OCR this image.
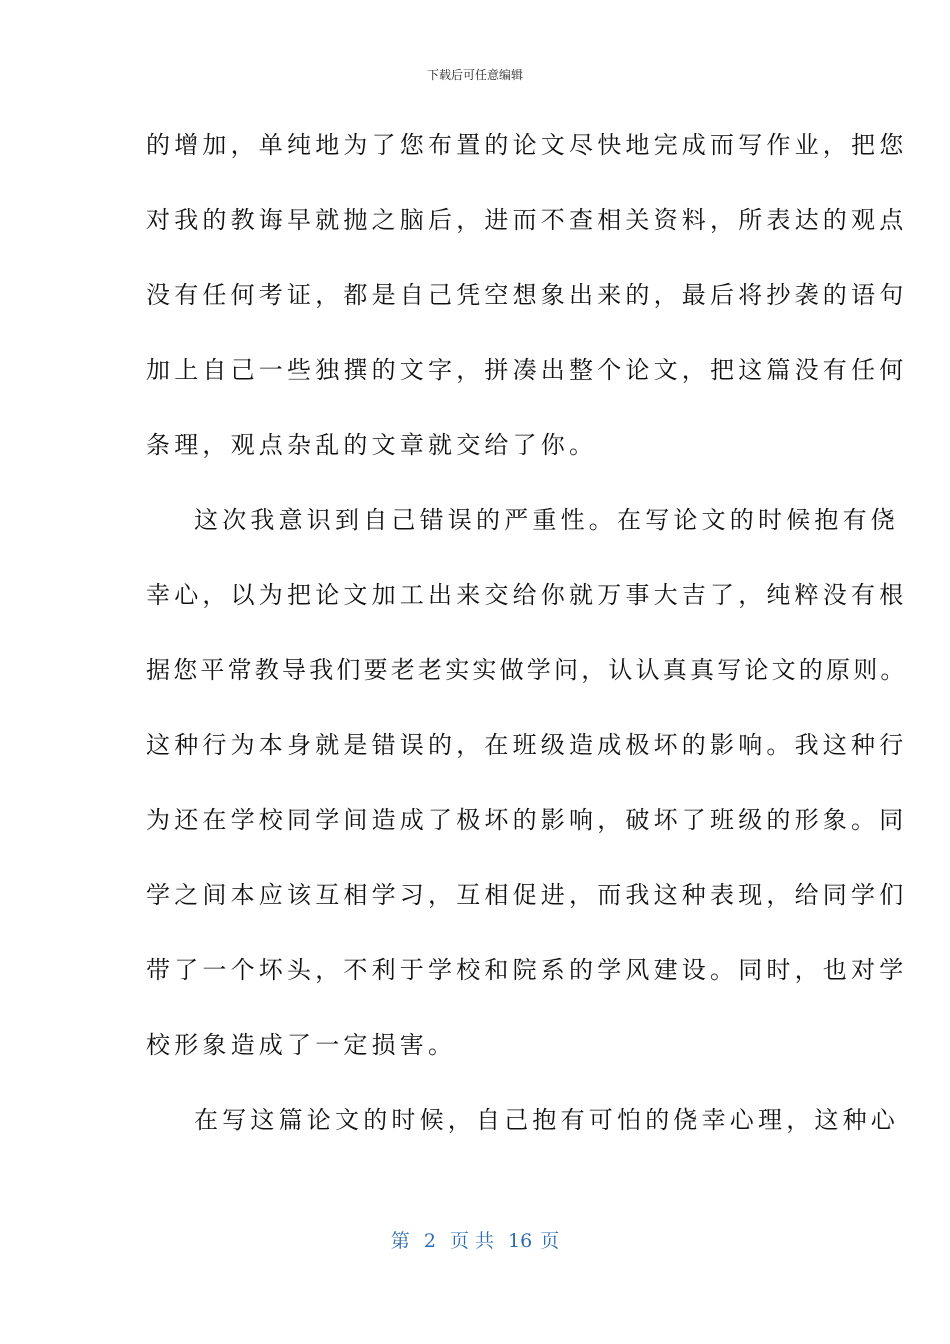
下载后可任意编辑
的增加，单纯地为了您布置的论文尽快地完成而写作业，把您
对我的教诲早就抛之脑后，进而不查相关资料，所表达的观点
没有任何考证，都是自己凭空想象出来的，最后将抄袭的语句
加上自己一些独撰的文字，拼凑出整个论文，把这篇没有任何
条理，观点杂乱的文章就交给了你。
这次我意识到自己错误的严重性。在写论文的时候抱有侥
幸心，以为把论文加工出来交给你就万事大吉了，纯粹没有根
据您平常教导我们要老老实实做学问，认认真真写论文的原则。
这种行为本身就是错误的，在班级造成极坏的影响。我这种行
为还在学校同学间造成了极坏的影响，破坏了班级的形象。同
学之间本应该互相学习，互相促进，而我这种表现，给同学们
带了一个坏头，不利于学校和院系的学风建设。同时，也对学
校形象造成了一定损害。
在写这篇论文的时候，自己抱有可怕的侥幸心理，这种心
第 2 页 共 16 页
